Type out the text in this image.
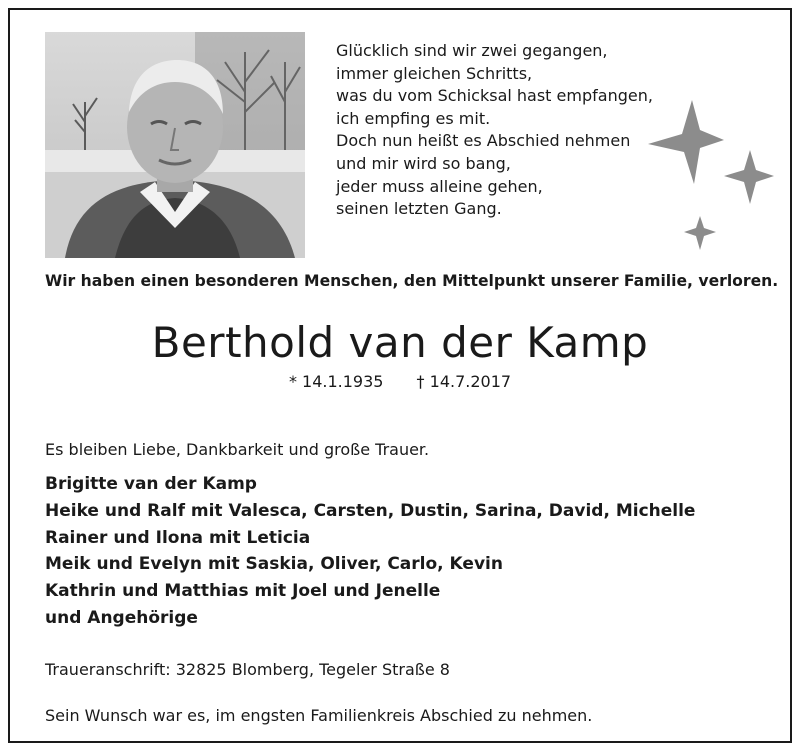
Glücklich sind wir zwei gegangen,
immer gleichen Schritts,
was du vom Schicksal hast empfangen,
ich empfing es mit.
Doch nun heißt es Abschied nehmen
und mir wird so bang,
jeder muss alleine gehen,
seinen letzten Gang.
Wir haben einen besonderen Menschen, den Mittelpunkt unserer Familie, verloren.
Berthold van der Kamp
* 14.1.1935 † 14.7.2017
Es bleiben Liebe, Dankbarkeit und große Trauer.
Brigitte van der Kamp
Heike und Ralf mit Valesca, Carsten, Dustin, Sarina, David, Michelle
Rainer und Ilona mit Leticia
Meik und Evelyn mit Saskia, Oliver, Carlo, Kevin
Kathrin und Matthias mit Joel und Jenelle
und Angehörige
Traueranschrift: 32825 Blomberg, Tegeler Straße 8
Sein Wunsch war es, im engsten Familienkreis Abschied zu nehmen.
